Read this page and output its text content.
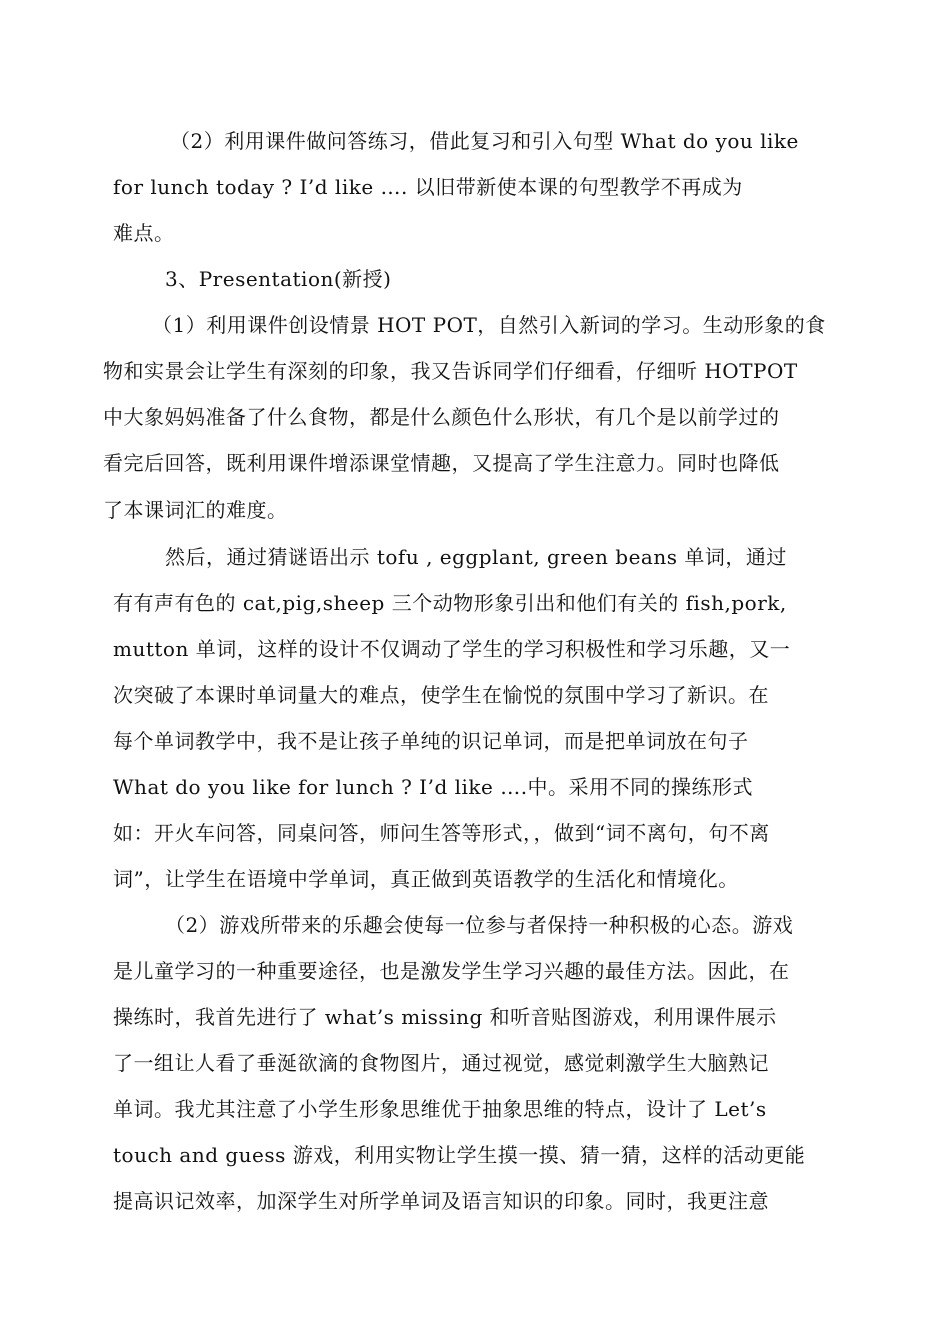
（2）利用课件做问答练习，借此复习和引入句型 What do you like
for lunch today ? I’d like …. 以旧带新使本课的句型教学不再成为
难点。
3、Presentation(新授)
（1）利用课件创设情景 HOT POT，自然引入新词的学习。生动形象的食
物和实景会让学生有深刻的印象，我又告诉同学们仔细看，仔细听 HOTPOT
中大象妈妈准备了什么食物，都是什么颜色什么形状，有几个是以前学过的
看完后回答，既利用课件增添课堂情趣，又提高了学生注意力。同时也降低
了本课词汇的难度。
然后，通过猜谜语出示 tofu , eggplant, green beans 单词，通过
有有声有色的 cat,pig,sheep 三个动物形象引出和他们有关的 fish,pork,
mutton 单词，这样的设计不仅调动了学生的学习积极性和学习乐趣，又一
次突破了本课时单词量大的难点，使学生在愉悦的氛围中学习了新识。在
每个单词教学中，我不是让孩子单纯的识记单词，而是把单词放在句子
What do you like for lunch ? I’d like ….中。采用不同的操练形式
如：开火车问答，同桌问答，师问生答等形式，，做到“词不离句，句不离
词”，让学生在语境中学单词，真正做到英语教学的生活化和情境化。
（2）游戏所带来的乐趣会使每一位参与者保持一种积极的心态。游戏
是儿童学习的一种重要途径，也是激发学生学习兴趣的最佳方法。因此，在
操练时，我首先进行了 what’s missing 和听音贴图游戏，利用课件展示
了一组让人看了垂涎欲滴的食物图片，通过视觉，感觉刺激学生大脑熟记
单词。我尤其注意了小学生形象思维优于抽象思维的特点，设计了 Let’s
touch and guess 游戏，利用实物让学生摸一摸、猜一猜，这样的活动更能
提高识记效率，加深学生对所学单词及语言知识的印象。同时，我更注意
